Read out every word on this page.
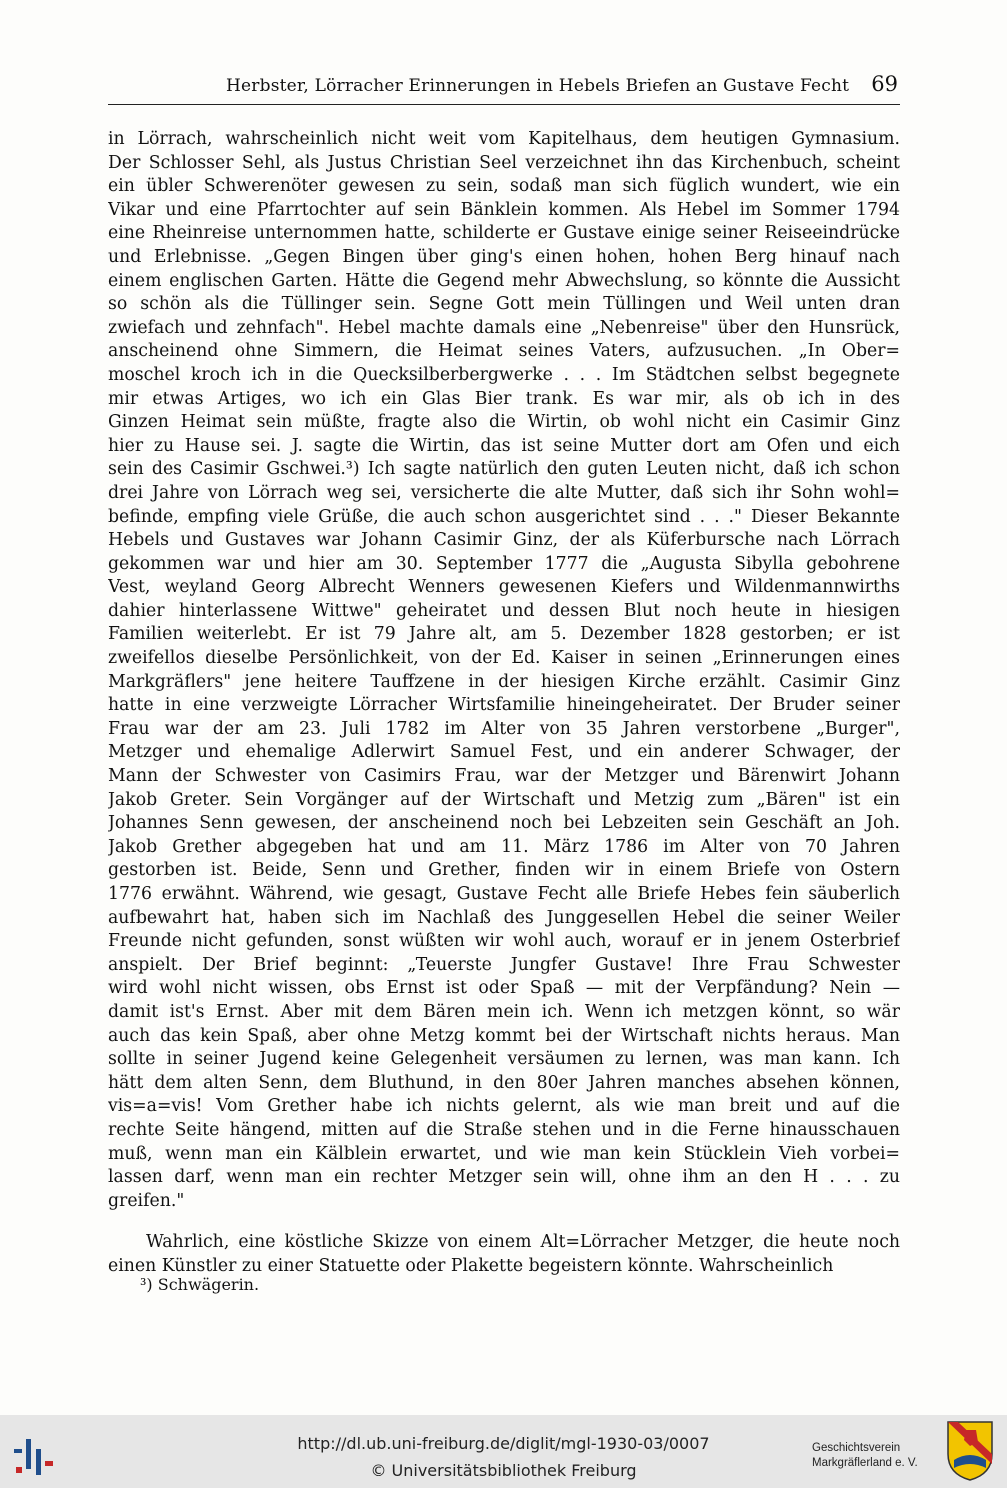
Herbster, Lörracher Erinnerungen in Hebels Briefen an Gustave Fecht 69
in Lörrach, wahrscheinlich nicht weit vom Kapitelhaus, dem heutigen Gymnasium.
Der Schlosser Sehl, als Justus Christian Seel verzeichnet ihn das Kirchenbuch, scheint
ein übler Schwerenöter gewesen zu sein, sodaß man sich füglich wundert, wie ein
Vikar und eine Pfarrtochter auf sein Bänklein kommen. Als Hebel im Sommer 1794
eine Rheinreise unternommen hatte, schilderte er Gustave einige seiner Reiseeindrücke
und Erlebnisse. „Gegen Bingen über ging's einen hohen, hohen Berg hinauf nach
einem englischen Garten. Hätte die Gegend mehr Abwechslung, so könnte die Aussicht
so schön als die Tüllinger sein. Segne Gott mein Tüllingen und Weil unten dran
zwiefach und zehnfach". Hebel machte damals eine „Nebenreise" über den Hunsrück,
anscheinend ohne Simmern, die Heimat seines Vaters, aufzusuchen. „In Ober=
moschel kroch ich in die Quecksilberbergwerke . . . Im Städtchen selbst begegnete
mir etwas Artiges, wo ich ein Glas Bier trank. Es war mir, als ob ich in des
Ginzen Heimat sein müßte, fragte also die Wirtin, ob wohl nicht ein Casimir Ginz
hier zu Hause sei. J. sagte die Wirtin, das ist seine Mutter dort am Ofen und eich
sein des Casimir Gschwei.³) Ich sagte natürlich den guten Leuten nicht, daß ich schon
drei Jahre von Lörrach weg sei, versicherte die alte Mutter, daß sich ihr Sohn wohl=
befinde, empfing viele Grüße, die auch schon ausgerichtet sind . . ." Dieser Bekannte
Hebels und Gustaves war Johann Casimir Ginz, der als Küferbursche nach Lörrach
gekommen war und hier am 30. September 1777 die „Augusta Sibylla gebohrene
Vest, weyland Georg Albrecht Wenners gewesenen Kiefers und Wildenmannwirths
dahier hinterlassene Wittwe" geheiratet und dessen Blut noch heute in hiesigen
Familien weiterlebt. Er ist 79 Jahre alt, am 5. Dezember 1828 gestorben; er ist
zweifellos dieselbe Persönlichkeit, von der Ed. Kaiser in seinen „Erinnerungen eines
Markgräflers" jene heitere Tauffzene in der hiesigen Kirche erzählt. Casimir Ginz
hatte in eine verzweigte Lörracher Wirtsfamilie hineingeheiratet. Der Bruder seiner
Frau war der am 23. Juli 1782 im Alter von 35 Jahren verstorbene „Burger",
Metzger und ehemalige Adlerwirt Samuel Fest, und ein anderer Schwager, der
Mann der Schwester von Casimirs Frau, war der Metzger und Bärenwirt Johann
Jakob Greter. Sein Vorgänger auf der Wirtschaft und Metzig zum „Bären" ist ein
Johannes Senn gewesen, der anscheinend noch bei Lebzeiten sein Geschäft an Joh.
Jakob Grether abgegeben hat und am 11. März 1786 im Alter von 70 Jahren
gestorben ist. Beide, Senn und Grether, finden wir in einem Briefe von Ostern
1776 erwähnt. Während, wie gesagt, Gustave Fecht alle Briefe Hebes fein säuberlich
aufbewahrt hat, haben sich im Nachlaß des Junggesellen Hebel die seiner Weiler
Freunde nicht gefunden, sonst wüßten wir wohl auch, worauf er in jenem Osterbrief
anspielt. Der Brief beginnt: „Teuerste Jungfer Gustave! Ihre Frau Schwester
wird wohl nicht wissen, obs Ernst ist oder Spaß — mit der Verpfändung? Nein —
damit ist's Ernst. Aber mit dem Bären mein ich. Wenn ich metzgen könnt, so wär
auch das kein Spaß, aber ohne Metzg kommt bei der Wirtschaft nichts heraus. Man
sollte in seiner Jugend keine Gelegenheit versäumen zu lernen, was man kann. Ich
hätt dem alten Senn, dem Bluthund, in den 80er Jahren manches absehen können,
vis=a=vis! Vom Grether habe ich nichts gelernt, als wie man breit und auf die
rechte Seite hängend, mitten auf die Straße stehen und in die Ferne hinausschauen
muß, wenn man ein Kälblein erwartet, und wie man kein Stücklein Vieh vorbei=
lassen darf, wenn man ein rechter Metzger sein will, ohne ihm an den H . . . zu
greifen."
Wahrlich, eine köstliche Skizze von einem Alt=Lörracher Metzger, die heute noch
einen Künstler zu einer Statuette oder Plakette begeistern könnte. Wahrscheinlich
³) Schwägerin.
http://dl.ub.uni-freiburg.de/diglit/mgl-1930-03/0007
© Universitätsbibliothek Freiburg
Geschichtsverein
Markgräflerland e. V.
